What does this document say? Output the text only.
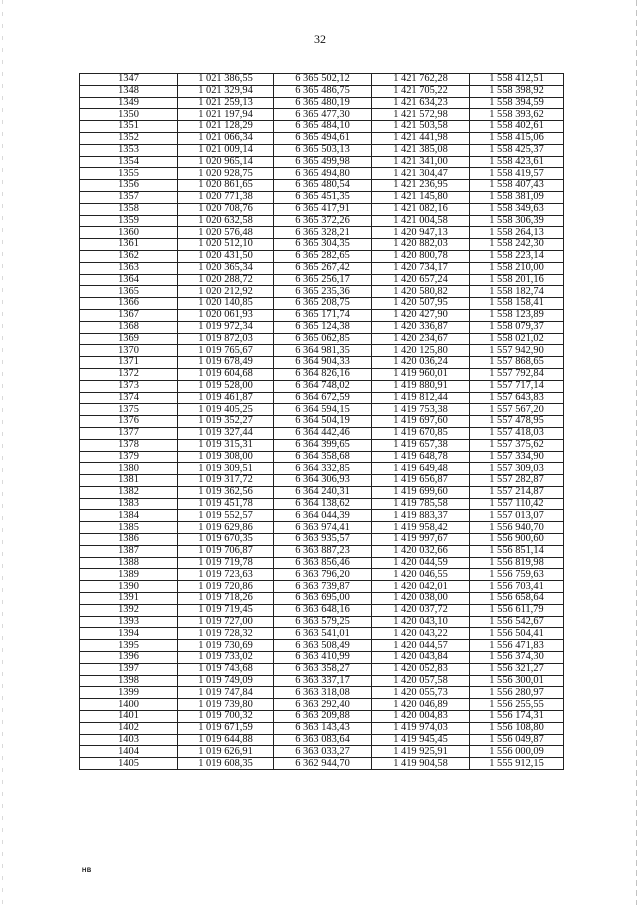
32
1347	1 021 386,55	6 365 502,12	1 421 762,28	1 558 412,51
1348	1 021 329,94	6 365 486,75	1 421 705,22	1 558 398,92
1349	1 021 259,13	6 365 480,19	1 421 634,23	1 558 394,59
1350	1 021 197,94	6 365 477,30	1 421 572,98	1 558 393,62
1351	1 021 128,29	6 365 484,10	1 421 503,58	1 558 402,61
1352	1 021 066,34	6 365 494,61	1 421 441,98	1 558 415,06
1353	1 021 009,14	6 365 503,13	1 421 385,08	1 558 425,37
1354	1 020 965,14	6 365 499,98	1 421 341,00	1 558 423,61
1355	1 020 928,75	6 365 494,80	1 421 304,47	1 558 419,57
1356	1 020 861,65	6 365 480,54	1 421 236,95	1 558 407,43
1357	1 020 771,38	6 365 451,35	1 421 145,80	1 558 381,09
1358	1 020 708,76	6 365 417,91	1 421 082,16	1 558 349,63
1359	1 020 632,58	6 365 372,26	1 421 004,58	1 558 306,39
1360	1 020 576,48	6 365 328,21	1 420 947,13	1 558 264,13
1361	1 020 512,10	6 365 304,35	1 420 882,03	1 558 242,30
1362	1 020 431,50	6 365 282,65	1 420 800,78	1 558 223,14
1363	1 020 365,34	6 365 267,42	1 420 734,17	1 558 210,00
1364	1 020 288,72	6 365 256,17	1 420 657,24	1 558 201,16
1365	1 020 212,92	6 365 235,36	1 420 580,82	1 558 182,74
1366	1 020 140,85	6 365 208,75	1 420 507,95	1 558 158,41
1367	1 020 061,93	6 365 171,74	1 420 427,90	1 558 123,89
1368	1 019 972,34	6 365 124,38	1 420 336,87	1 558 079,37
1369	1 019 872,03	6 365 062,85	1 420 234,67	1 558 021,02
1370	1 019 765,67	6 364 981,35	1 420 125,80	1 557 942,90
1371	1 019 678,49	6 364 904,33	1 420 036,24	1 557 868,65
1372	1 019 604,68	6 364 826,16	1 419 960,01	1 557 792,84
1373	1 019 528,00	6 364 748,02	1 419 880,91	1 557 717,14
1374	1 019 461,87	6 364 672,59	1 419 812,44	1 557 643,83
1375	1 019 405,25	6 364 594,15	1 419 753,38	1 557 567,20
1376	1 019 352,27	6 364 504,19	1 419 697,60	1 557 478,95
1377	1 019 327,44	6 364 442,46	1 419 670,85	1 557 418,03
1378	1 019 315,31	6 364 399,65	1 419 657,38	1 557 375,62
1379	1 019 308,00	6 364 358,68	1 419 648,78	1 557 334,90
1380	1 019 309,51	6 364 332,85	1 419 649,48	1 557 309,03
1381	1 019 317,72	6 364 306,93	1 419 656,87	1 557 282,87
1382	1 019 362,56	6 364 240,31	1 419 699,60	1 557 214,87
1383	1 019 451,78	6 364 138,62	1 419 785,58	1 557 110,42
1384	1 019 552,57	6 364 044,39	1 419 883,37	1 557 013,07
1385	1 019 629,86	6 363 974,41	1 419 958,42	1 556 940,70
1386	1 019 670,35	6 363 935,57	1 419 997,67	1 556 900,60
1387	1 019 706,87	6 363 887,23	1 420 032,66	1 556 851,14
1388	1 019 719,78	6 363 856,46	1 420 044,59	1 556 819,98
1389	1 019 723,63	6 363 796,20	1 420 046,55	1 556 759,63
1390	1 019 720,86	6 363 739,87	1 420 042,01	1 556 703,41
1391	1 019 718,26	6 363 695,00	1 420 038,00	1 556 658,64
1392	1 019 719,45	6 363 648,16	1 420 037,72	1 556 611,79
1393	1 019 727,00	6 363 579,25	1 420 043,10	1 556 542,67
1394	1 019 728,32	6 363 541,01	1 420 043,22	1 556 504,41
1395	1 019 730,69	6 363 508,49	1 420 044,57	1 556 471,83
1396	1 019 733,02	6 363 410,99	1 420 043,84	1 556 374,30
1397	1 019 743,68	6 363 358,27	1 420 052,83	1 556 321,27
1398	1 019 749,09	6 363 337,17	1 420 057,58	1 556 300,01
1399	1 019 747,84	6 363 318,08	1 420 055,73	1 556 280,97
1400	1 019 739,80	6 363 292,40	1 420 046,89	1 556 255,55
1401	1 019 700,32	6 363 209,88	1 420 004,83	1 556 174,31
1402	1 019 671,59	6 363 143,43	1 419 974,03	1 556 108,80
1403	1 019 644,88	6 363 083,64	1 419 945,45	1 556 049,87
1404	1 019 626,91	6 363 033,27	1 419 925,91	1 556 000,09
1405	1 019 608,35	6 362 944,70	1 419 904,58	1 555 912,15
НВ
